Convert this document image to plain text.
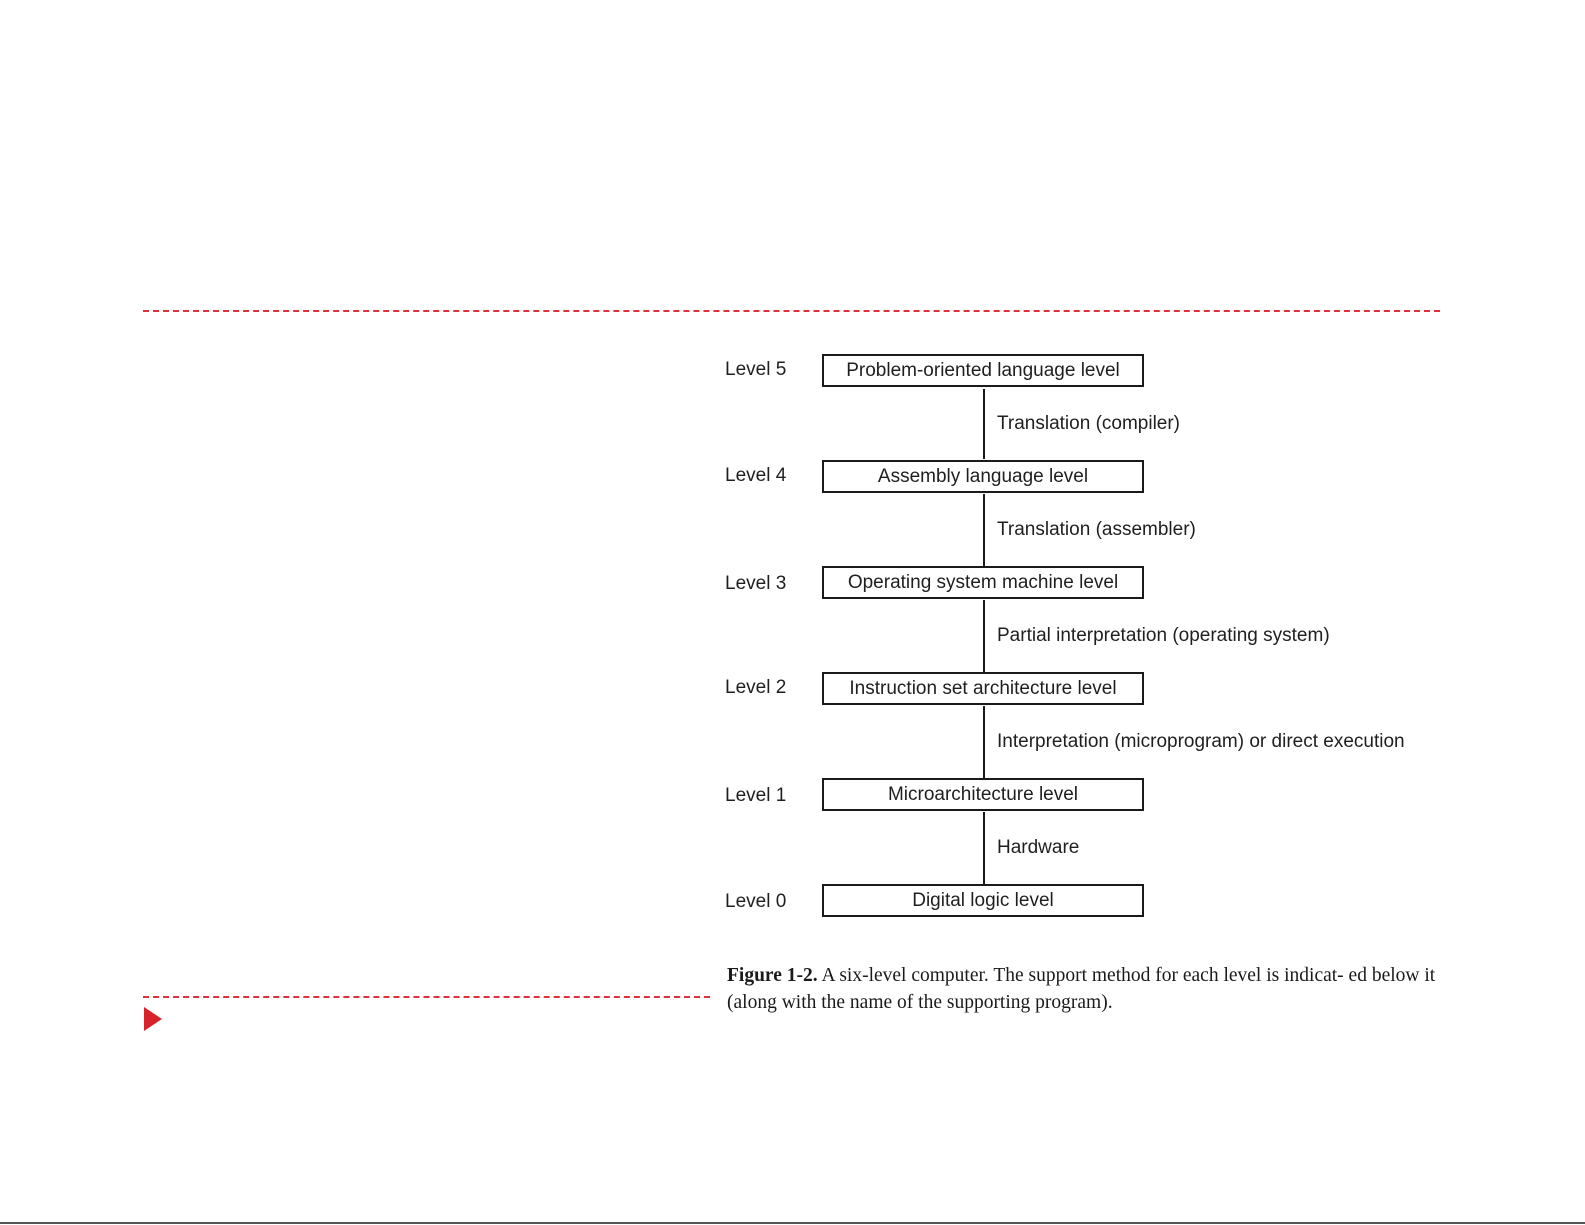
Level 5
Level 4
Level 3
Level 2
Level 1
Level 0
Problem-oriented language level
Assembly language level
Operating system machine level
Instruction set architecture level
Microarchitecture level
Digital logic level
Translation (compiler)
Translation (assembler)
Partial interpretation (operating system)
Interpretation (microprogram) or direct execution
Hardware
Figure 1-2. A six-level computer. The support method for each level is indicat- ed below it (along with the name of the supporting program).
